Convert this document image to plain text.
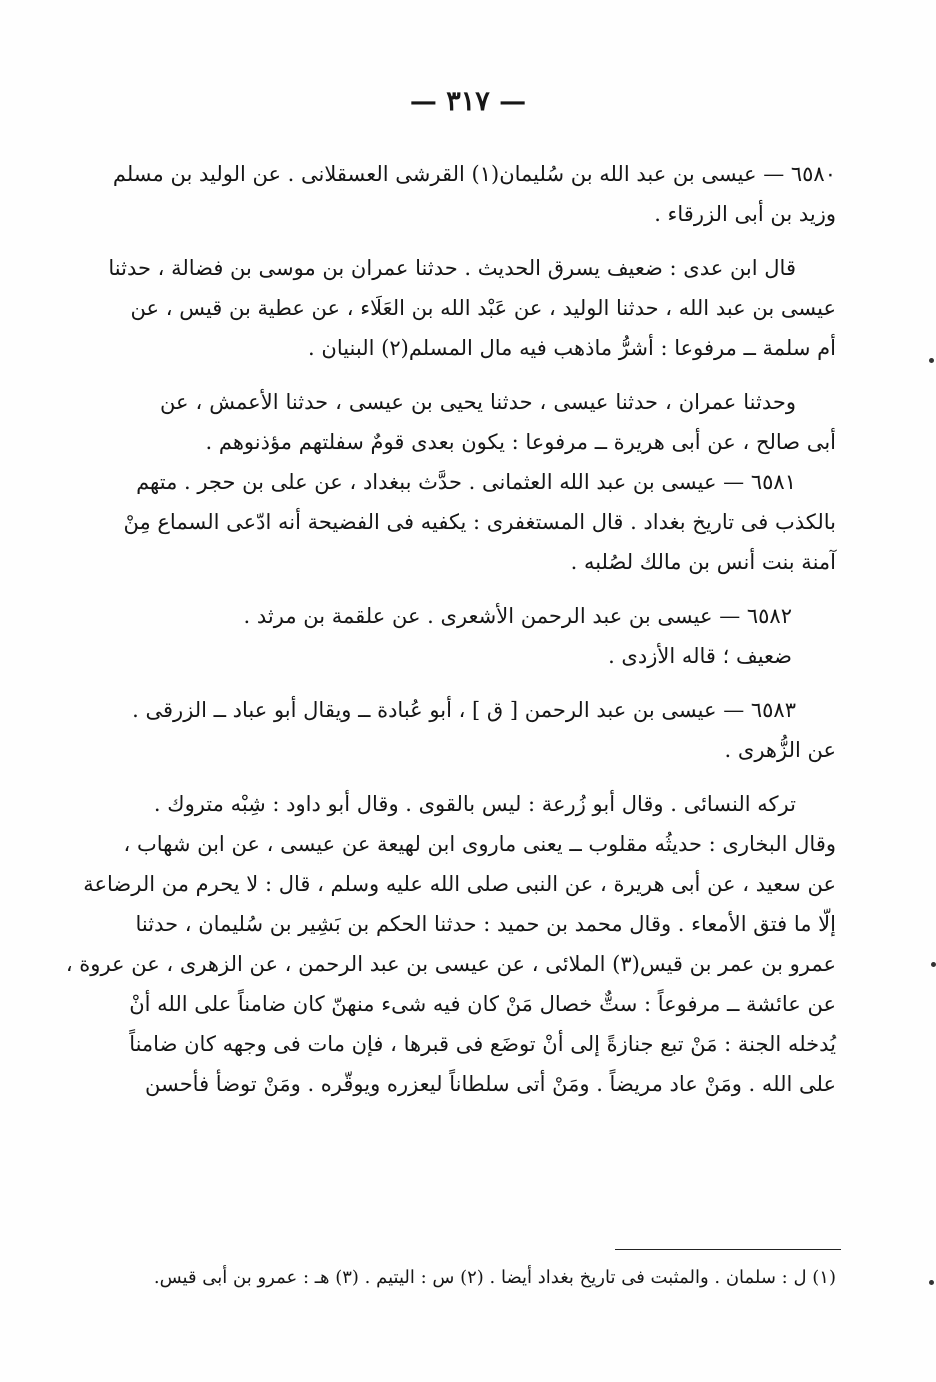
— ٣١٧ —
٦٥٨٠ — عيسى بن عبد الله بن سُليمان(١) القرشى العسقلانى . عن الوليد بن مسلم
وزيد بن أبى الزرقاء .
قال ابن عدى : ضعيف يسرق الحديث . حدثنا عمران بن موسى بن فضالة ، حدثنا
عيسى بن عبد الله ، حدثنا الوليد ، عن عَبْد الله بن العَلَاء ، عن عطية بن قيس ، عن
أم سلمة ــ مرفوعا : أشرُّ ماذهب فيه مال المسلم(٢) البنيان .
وحدثنا عمران ، حدثنا عيسى ، حدثنا يحيى بن عيسى ، حدثنا الأعمش ، عن
أبى صالح ، عن أبى هريرة ــ مرفوعا : يكون بعدى قومٌ سفلتهم مؤذنوهم .
٦٥٨١ — عيسى بن عبد الله العثمانى . حدَّث ببغداد ، عن على بن حجر . متهم
بالكذب فى تاريخ بغداد . قال المستغفرى : يكفيه فى الفضيحة أنه ادّعى السماع مِنْ
آمنة بنت أنس بن مالك لصُلبه .
٦٥٨٢ — عيسى بن عبد الرحمن الأشعرى . عن علقمة بن مرثد .
ضعيف ؛ قاله الأزدى .
٦٥٨٣ — عيسى بن عبد الرحمن [ ق ] ، أبو عُبادة ــ ويقال أبو عباد ــ الزرقى .
عن الزُّهرى .
تركه النسائى . وقال أبو زُرعة : ليس بالقوى . وقال أبو داود : شِبْه متروك .
وقال البخارى : حديثُه مقلوب ــ يعنى ماروى ابن لهيعة عن عيسى ، عن ابن شهاب ،
عن سعيد ، عن أبى هريرة ، عن النبى صلى الله عليه وسلم ، قال : لا يحرم من الرضاعة
إلّا ما فتق الأمعاء . وقال محمد بن حميد : حدثنا الحكم بن بَشِير بن سُليمان ، حدثنا
عمرو بن عمر بن قيس(٣) الملائى ، عن عيسى بن عبد الرحمن ، عن الزهرى ، عن عروة ،
عن عائشة ــ مرفوعاً : ستٌّ خصال مَنْ كان فيه شىء منهنّ كان ضامناً على الله أنْ
يُدخله الجنة : مَنْ تبع جنازةً إلى أنْ توضَع فى قبرها ، فإن مات فى وجهه كان ضامناً
على الله . ومَنْ عاد مريضاً . ومَنْ أتى سلطاناً ليعزره ويوقّره . ومَنْ توضأ فأحسن
(١) ل : سلمان . والمثبت فى تاريخ بغداد أيضا . (٢) س : اليتيم . (٣) هـ : عمرو بن أبى قيس.
